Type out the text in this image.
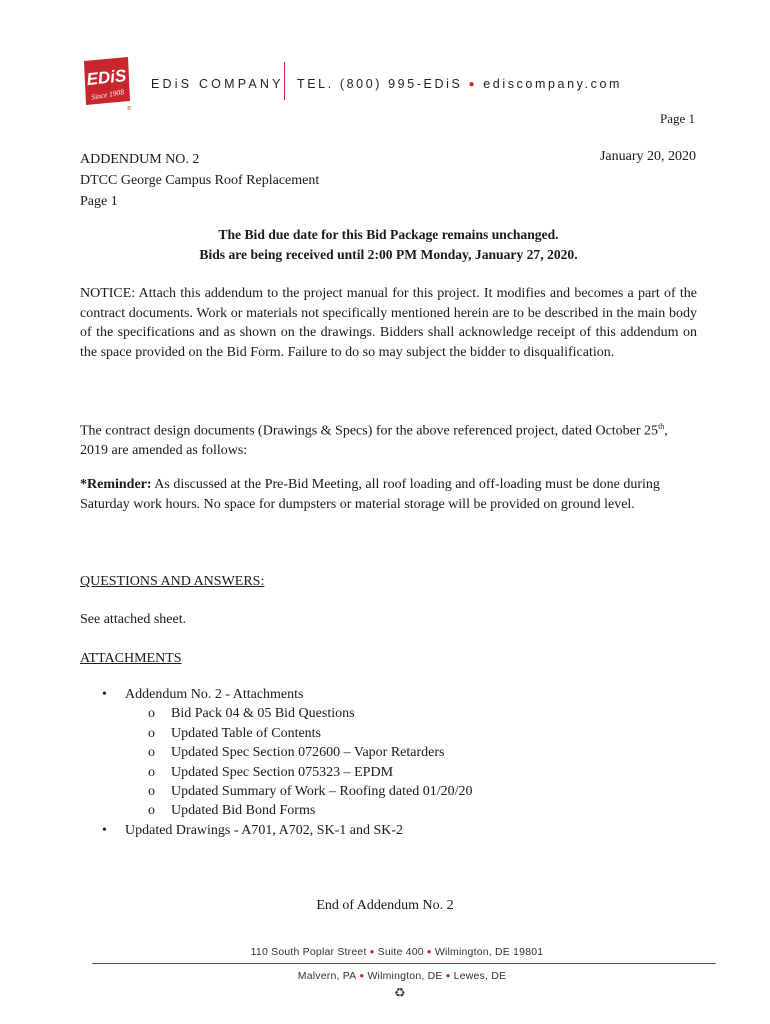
EDiS
Since 1908
®
EDiS COMPANY TEL. (800) 995-EDiS ● ediscompany.com
Page 1
ADDENDUM NO. 2
DTCC George Campus Roof Replacement
Page 1
January 20, 2020
The Bid due date for this Bid Package remains unchanged.
Bids are being received until 2:00 PM Monday, January 27, 2020.
NOTICE: Attach this addendum to the project manual for this project. It modifies and becomes a part of the contract documents. Work or materials not specifically mentioned herein are to be described in the main body of the specifications and as shown on the drawings. Bidders shall acknowledge receipt of this addendum on the space provided on the Bid Form. Failure to do so may subject the bidder to disqualification.
The contract design documents (Drawings & Specs) for the above referenced project, dated October 25th, 2019 are amended as follows:
*Reminder: As discussed at the Pre-Bid Meeting, all roof loading and off-loading must be done during Saturday work hours. No space for dumpsters or material storage will be provided on ground level.
QUESTIONS AND ANSWERS:
See attached sheet.
ATTACHMENTS
• Addendum No. 2 - Attachments
o Bid Pack 04 & 05 Bid Questions
o Updated Table of Contents
o Updated Spec Section 072600 – Vapor Retarders
o Updated Spec Section 075323 – EPDM
o Updated Summary of Work – Roofing dated 01/20/20
o Updated Bid Bond Forms
• Updated Drawings - A701, A702, SK-1 and SK-2
End of Addendum No. 2
110 South Poplar Street ● Suite 400 ● Wilmington, DE 19801
Malvern, PA ● Wilmington, DE ● Lewes, DE
♻
